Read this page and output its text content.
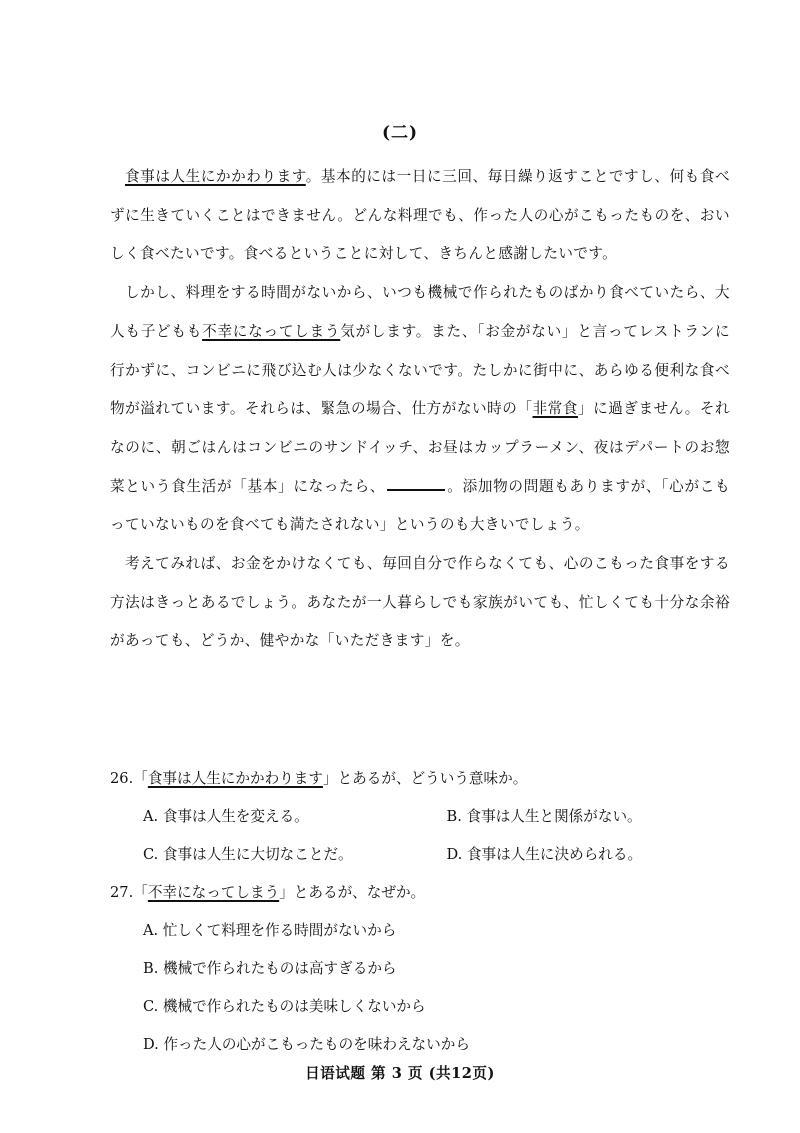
(二)

食事は人生にかかわります。基本的には一日に三回、毎日繰り返すことですし、何も食べずに生きていくことはできません。どんな料理でも、作った人の心がこもったものを、おいしく食べたいです。食べるということに対して、きちんと感謝したいです。

しかし、料理をする時間がないから、いつも機械で作られたものばかり食べていたら、大人も子どもも不幸になってしまう気がします。また、「お金がない」と言ってレストランに行かずに、コンビニに飛び込む人は少なくないです。たしかに街中に、あらゆる便利な食べ物が溢れています。それらは、緊急の場合、仕方がない時の「非常食」に過ぎません。それなのに、朝ごはんはコンビニのサンドイッチ、お昼はカップラーメン、夜はデパートのお惣菜という食生活が「基本」になったら、	。添加物の問題もありますが、「心がこもっていないものを食べても満たされない」というのも大きいでしょう。

考えてみれば、お金をかけなくても、毎回自分で作らなくても、心のこもった食事をする方法はきっとあるでしょう。あなたが一人暮らしでも家族がいても、忙しくても十分な余裕があっても、どうか、健やかな「いただきます」を。

26.「食事は人生にかかわります」とあるが、どういう意味か。
A. 食事は人生を変える。	B. 食事は人生と関係がない。
C. 食事は人生に大切なことだ。	D. 食事は人生に決められる。
27.「不幸になってしまう」とあるが、なぜか。
A. 忙しくて料理を作る時間がないから
B. 機械で作られたものは高すぎるから
C. 機械で作られたものは美味しくないから
D. 作った人の心がこもったものを味わえないから
日语试题 第 3 页 (共12页)
